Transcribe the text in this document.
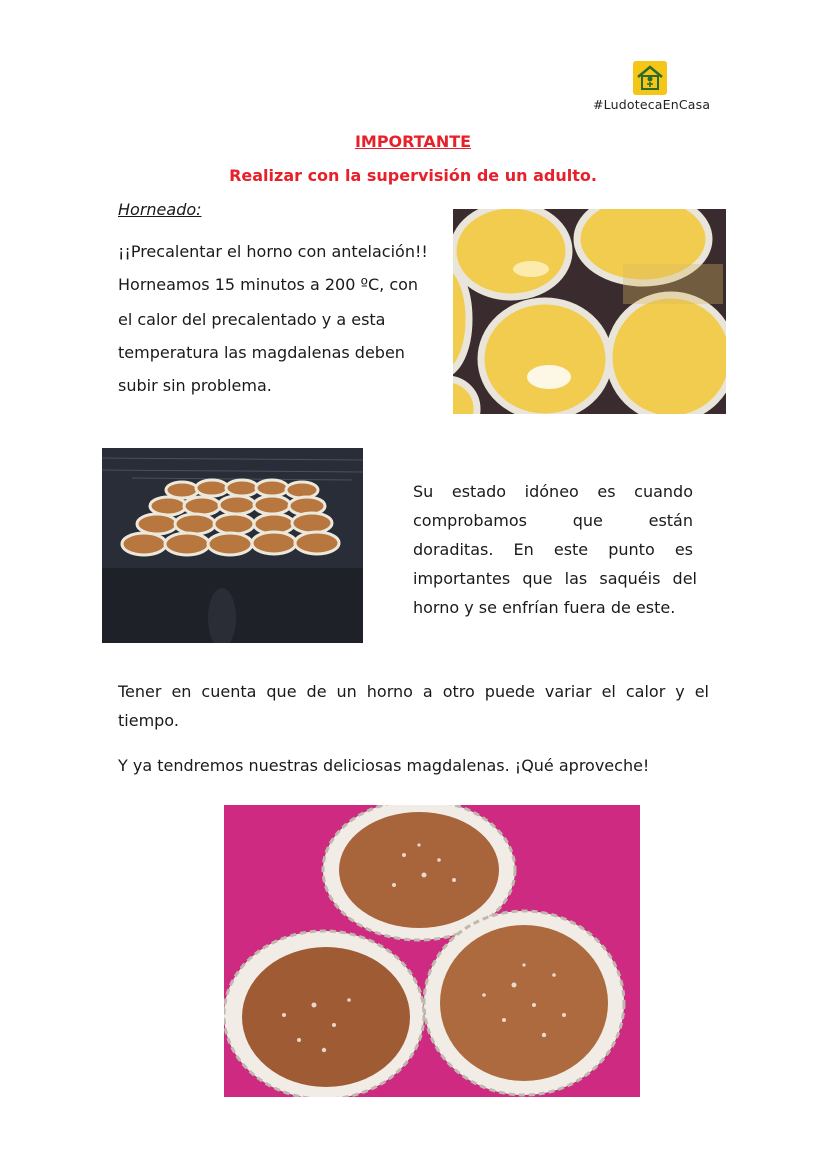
#LudotecaEnCasa
IMPORTANTE
Realizar con la supervisión de un adulto.
Horneado:
¡¡Precalentar el horno con antelación!!
Horneamos 15 minutos a 200 ºC, con
el calor del precalentado y a esta
temperatura las magdalenas deben
subir sin problema.
Su estado idóneo es cuando
comprobamos que están
doraditas. En este punto es
importantes que las saquéis del
horno y se enfrían fuera de este.
Tener en cuenta que de un horno a otro puede variar el calor y el
tiempo.
Y ya tendremos nuestras deliciosas magdalenas. ¡Qué aproveche!
